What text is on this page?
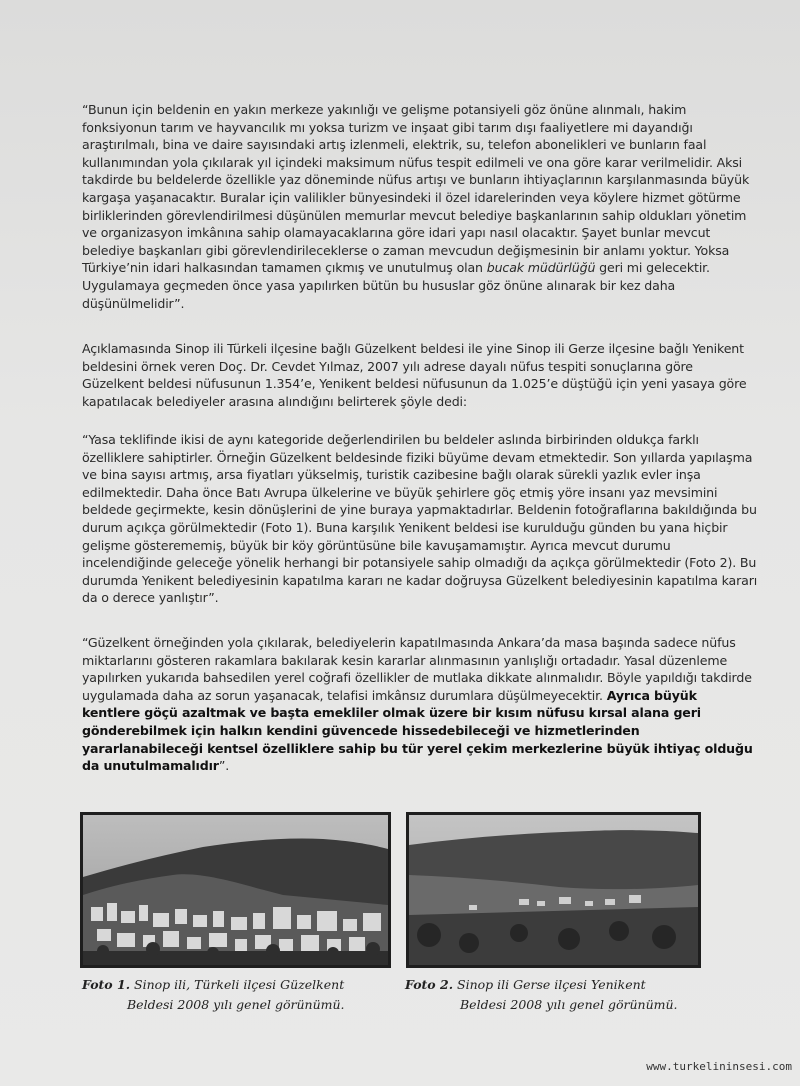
“Bunun için beldenin en yakın merkeze yakınlığı ve gelişme potansiyeli göz önüne alınmalı, hakim fonksiyonun tarım ve hayvancılık mı yoksa turizm ve inşaat gibi tarım dışı faaliyetlere mi dayandığı araştırılmalı, bina ve daire sayısındaki artış izlenmeli, elektrik, su, telefon abonelikleri ve bunların faal kullanımından yola çıkılarak yıl içindeki maksimum nüfus tespit edilmeli ve ona göre karar verilmelidir. Aksi takdirde bu beldelerde özellikle yaz döneminde nüfus artışı ve bunların ihtiyaçlarının karşılanmasında büyük kargaşa yaşanacaktır. Buralar için valilikler bünyesindeki il özel idarelerinden veya köylere hizmet götürme birliklerinden görevlendirilmesi düşünülen memurlar mevcut belediye başkanlarının sahip oldukları yönetim ve organizasyon imkânına sahip olamayacaklarına göre idari yapı nasıl olacaktır. Şayet bunlar mevcut belediye başkanları gibi görevlendirileceklerse o zaman mevcudun değişmesinin bir anlamı yoktur. Yoksa Türkiye’nin idari halkasından tamamen çıkmış ve unutulmuş olan bucak müdürlüğü geri mi gelecektir. Uygulamaya geçmeden önce yasa yapılırken bütün bu hususlar göz önüne alınarak bir kez daha düşünülmelidir”.

Açıklamasında Sinop ili Türkeli ilçesine bağlı Güzelkent beldesi ile yine Sinop ili Gerze ilçesine bağlı Yenikent beldesini örnek veren Doç. Dr. Cevdet Yılmaz, 2007 yılı adrese dayalı nüfus tespiti sonuçlarına göre Güzelkent beldesi nüfusunun 1.354’e, Yenikent beldesi nüfusunun da 1.025’e düştüğü için yeni yasaya göre kapatılacak belediyeler arasına alındığını belirterek şöyle dedi:

“Yasa teklifinde ikisi de aynı kategoride değerlendirilen bu beldeler aslında birbirinden oldukça farklı özelliklere sahiptirler. Örneğin Güzelkent beldesinde fiziki büyüme devam etmektedir. Son yıllarda yapılaşma ve bina sayısı artmış, arsa fiyatları yükselmiş, turistik cazibesine bağlı olarak sürekli yazlık evler inşa edilmektedir. Daha önce Batı Avrupa ülkelerine ve büyük şehirlere göç etmiş yöre insanı yaz mevsimini beldede geçirmekte, kesin dönüşlerini de yine buraya yapmaktadırlar. Beldenin fotoğraflarına bakıldığında bu durum açıkça görülmektedir (Foto 1). Buna karşılık Yenikent beldesi ise kurulduğu günden bu yana hiçbir gelişme gösterememiş, büyük bir köy görüntüsüne bile kavuşamamıştır. Ayrıca mevcut durumu incelendiğinde geleceğe yönelik herhangi bir potansiyele sahip olmadığı da açıkça görülmektedir (Foto 2). Bu durumda Yenikent belediyesinin kapatılma kararı ne kadar doğruysa Güzelkent belediyesinin kapatılma kararı da o derece yanlıştır”.

“Güzelkent örneğinden yola çıkılarak, belediyelerin kapatılmasında Ankara’da masa başında sadece nüfus miktarlarını gösteren rakamlara bakılarak kesin kararlar alınmasının yanlışlığı ortadadır. Yasal düzenleme yapılırken yukarıda bahsedilen yerel coğrafi özellikler de mutlaka dikkate alınmalıdır. Böyle yapıldığı takdirde uygulamada daha az sorun yaşanacak, telafisi imkânsız durumlara düşülmeyecektir. Ayrıca büyük kentlere göçü azaltmak ve başta emekliler olmak üzere bir kısım nüfusu kırsal alana geri gönderebilmek için halkın kendini güvencede hissedebileceği ve hizmetlerinden yararlanabileceği kentsel özelliklere sahip bu tür yerel çekim merkezlerine büyük ihtiyaç olduğu da unutulmamalıdır”.

Foto 1. Sinop ili, Türkeli ilçesi Güzelkent
Beldesi 2008 yılı genel görünümü.
Foto 2. Sinop ili Gerse ilçesi Yenikent
Beldesi 2008 yılı genel görünümü.
www.turkelininsesi.com
